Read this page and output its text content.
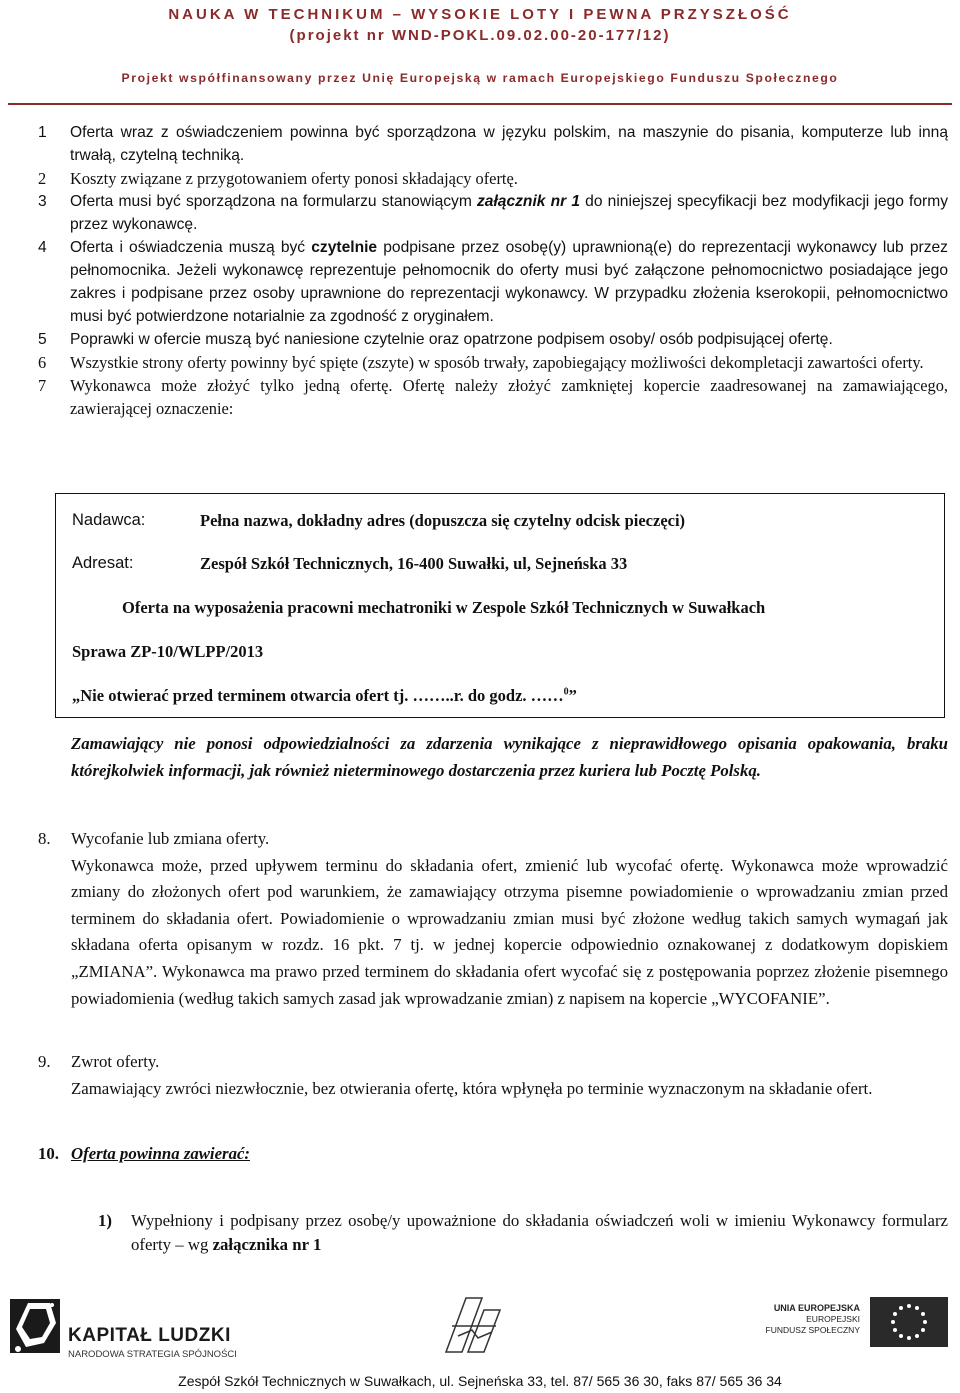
NAUKA W TECHNIKUM – WYSOKIE LOTY I PEWNA PRZYSZŁOŚĆ
(projekt nr WND-POKL.09.02.00-20-177/12)
Projekt współfinansowany przez Unię Europejską w ramach Europejskiego Funduszu Społecznego
1 Oferta wraz z oświadczeniem powinna być sporządzona w języku polskim, na maszynie do pisania, komputerze lub inną trwałą, czytelną techniką.
2 Koszty związane z przygotowaniem oferty ponosi składający ofertę.
3 Oferta musi być sporządzona na formularzu stanowiącym załącznik nr 1 do niniejszej specyfikacji bez modyfikacji jego formy przez wykonawcę.
4 Oferta i oświadczenia muszą być czytelnie podpisane przez osobę(y) uprawnioną(e) do reprezentacji wykonawcy lub przez pełnomocnika. Jeżeli wykonawcę reprezentuje pełnomocnik do oferty musi być załączone pełnomocnictwo posiadające jego zakres i podpisane przez osoby uprawnione do reprezentacji wykonawcy. W przypadku złożenia kserokopii, pełnomocnictwo musi być potwierdzone notarialnie za zgodność z oryginałem.
5 Poprawki w ofercie muszą być naniesione czytelnie oraz opatrzone podpisem osoby/ osób podpisującej ofertę.
6 Wszystkie strony oferty powinny być spięte (zszyte) w sposób trwały, zapobiegający możliwości dekompletacji zawartości oferty.
7 Wykonawca może złożyć tylko jedną ofertę. Ofertę należy złożyć zamkniętej kopercie zaadresowanej na zamawiającego, zawierającej oznaczenie:
Nadawca:	Pełna nazwa, dokładny adres (dopuszcza się czytelny odcisk pieczęci)
Adresat:	Zespół Szkół Technicznych, 16-400 Suwałki, ul, Sejneńska 33
Oferta na wyposażenia pracowni mechatroniki w Zespole Szkół Technicznych w Suwałkach
Sprawa ZP-10/WLPP/2013
„Nie otwierać przed terminem otwarcia ofert tj. ……..r. do godz. ……$^0$”
Zamawiający nie ponosi odpowiedzialności za zdarzenia wynikające z nieprawidłowego opisania opakowania, braku którejkolwiek informacji, jak również nieterminowego dostarczenia przez kuriera lub Pocztę Polską.
8. Wycofanie lub zmiana oferty.
Wykonawca może, przed upływem terminu do składania ofert, zmienić lub wycofać ofertę. Wykonawca może wprowadzić zmiany do złożonych ofert pod warunkiem, że zamawiający otrzyma pisemne powiadomienie o wprowadzaniu zmian przed terminem do składania ofert. Powiadomienie o wprowadzaniu zmian musi być złożone według takich samych wymagań jak składana oferta opisanym w rozdz. 16 pkt. 7 tj. w jednej kopercie odpowiednio oznakowanej z dodatkowym dopiskiem „ZMIANA”. Wykonawca ma prawo przed terminem do składania ofert wycofać się z postępowania poprzez złożenie pisemnego powiadomienia (według takich samych zasad jak wprowadzanie zmian) z napisem na kopercie „WYCOFANIE”.
9. Zwrot oferty.
Zamawiający zwróci niezwłocznie, bez otwierania ofertę, która wpłynęła po terminie wyznaczonym na składanie ofert.
10. Oferta powinna zawierać:
1) Wypełniony i podpisany przez osobę/y upoważnione do składania oświadczeń woli w imieniu Wykonawcy formularz oferty – wg załącznika nr 1
KAPITAŁ LUDZKI
NARODOWA STRATEGIA SPÓJNOŚCI
UNIA EUROPEJSKA
EUROPEJSKI
FUNDUSZ SPOŁECZNY
Zespół Szkół Technicznych w Suwałkach, ul. Sejneńska 33, tel. 87/ 565 36 30, faks 87/ 565 36 34
